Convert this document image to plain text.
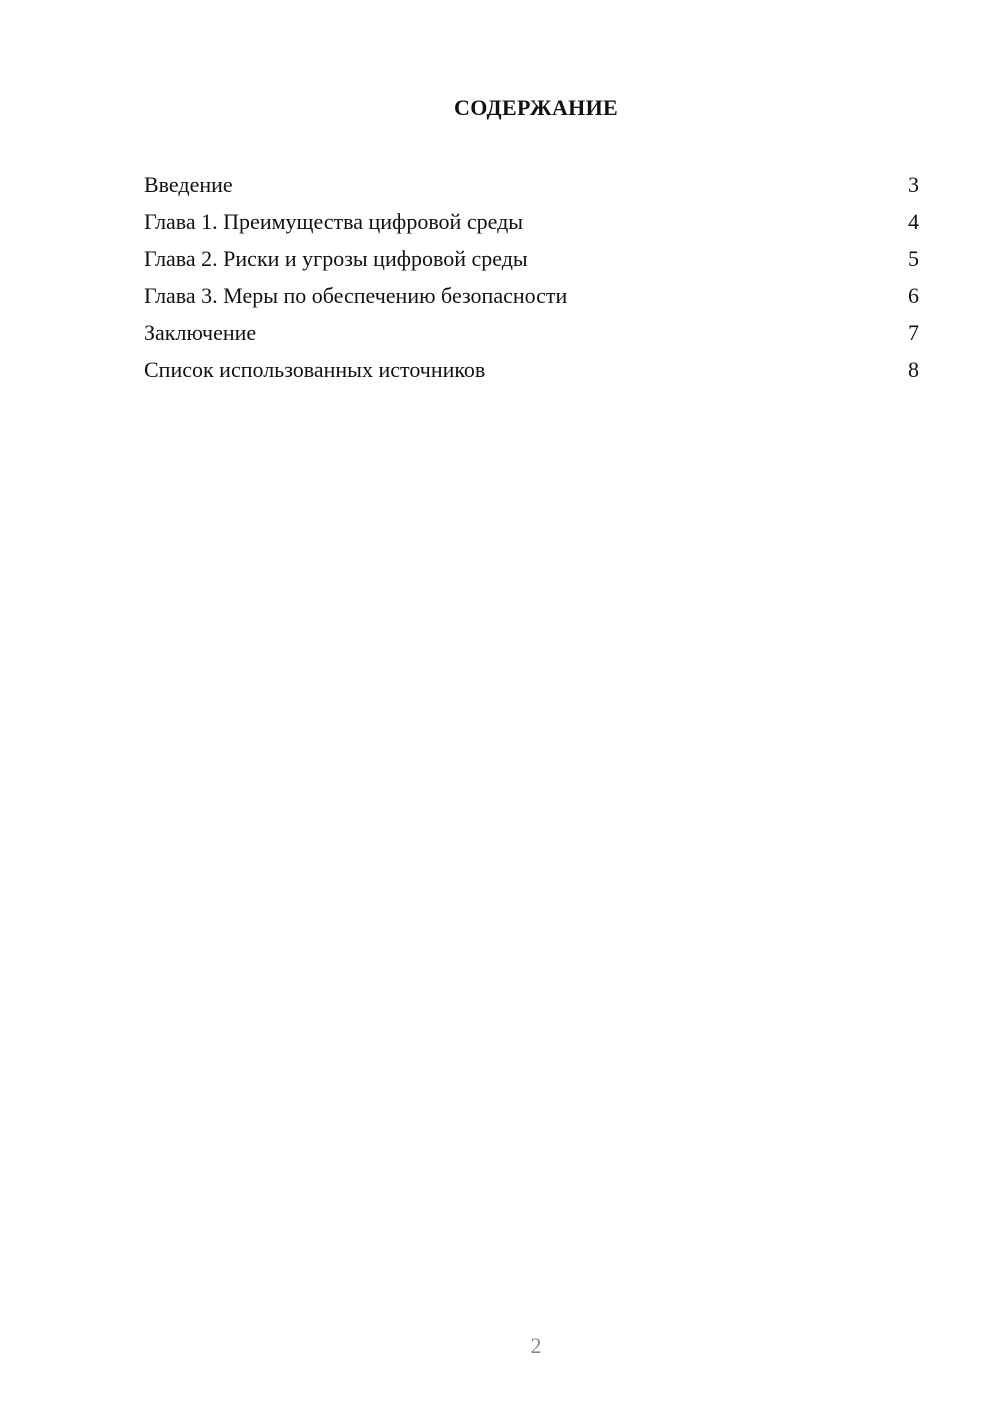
СОДЕРЖАНИЕ
Введение	3
Глава 1. Преимущества цифровой среды	4
Глава 2. Риски и угрозы цифровой среды	5
Глава 3. Меры по обеспечению безопасности	6
Заключение	7
Список использованных источников	8
2
